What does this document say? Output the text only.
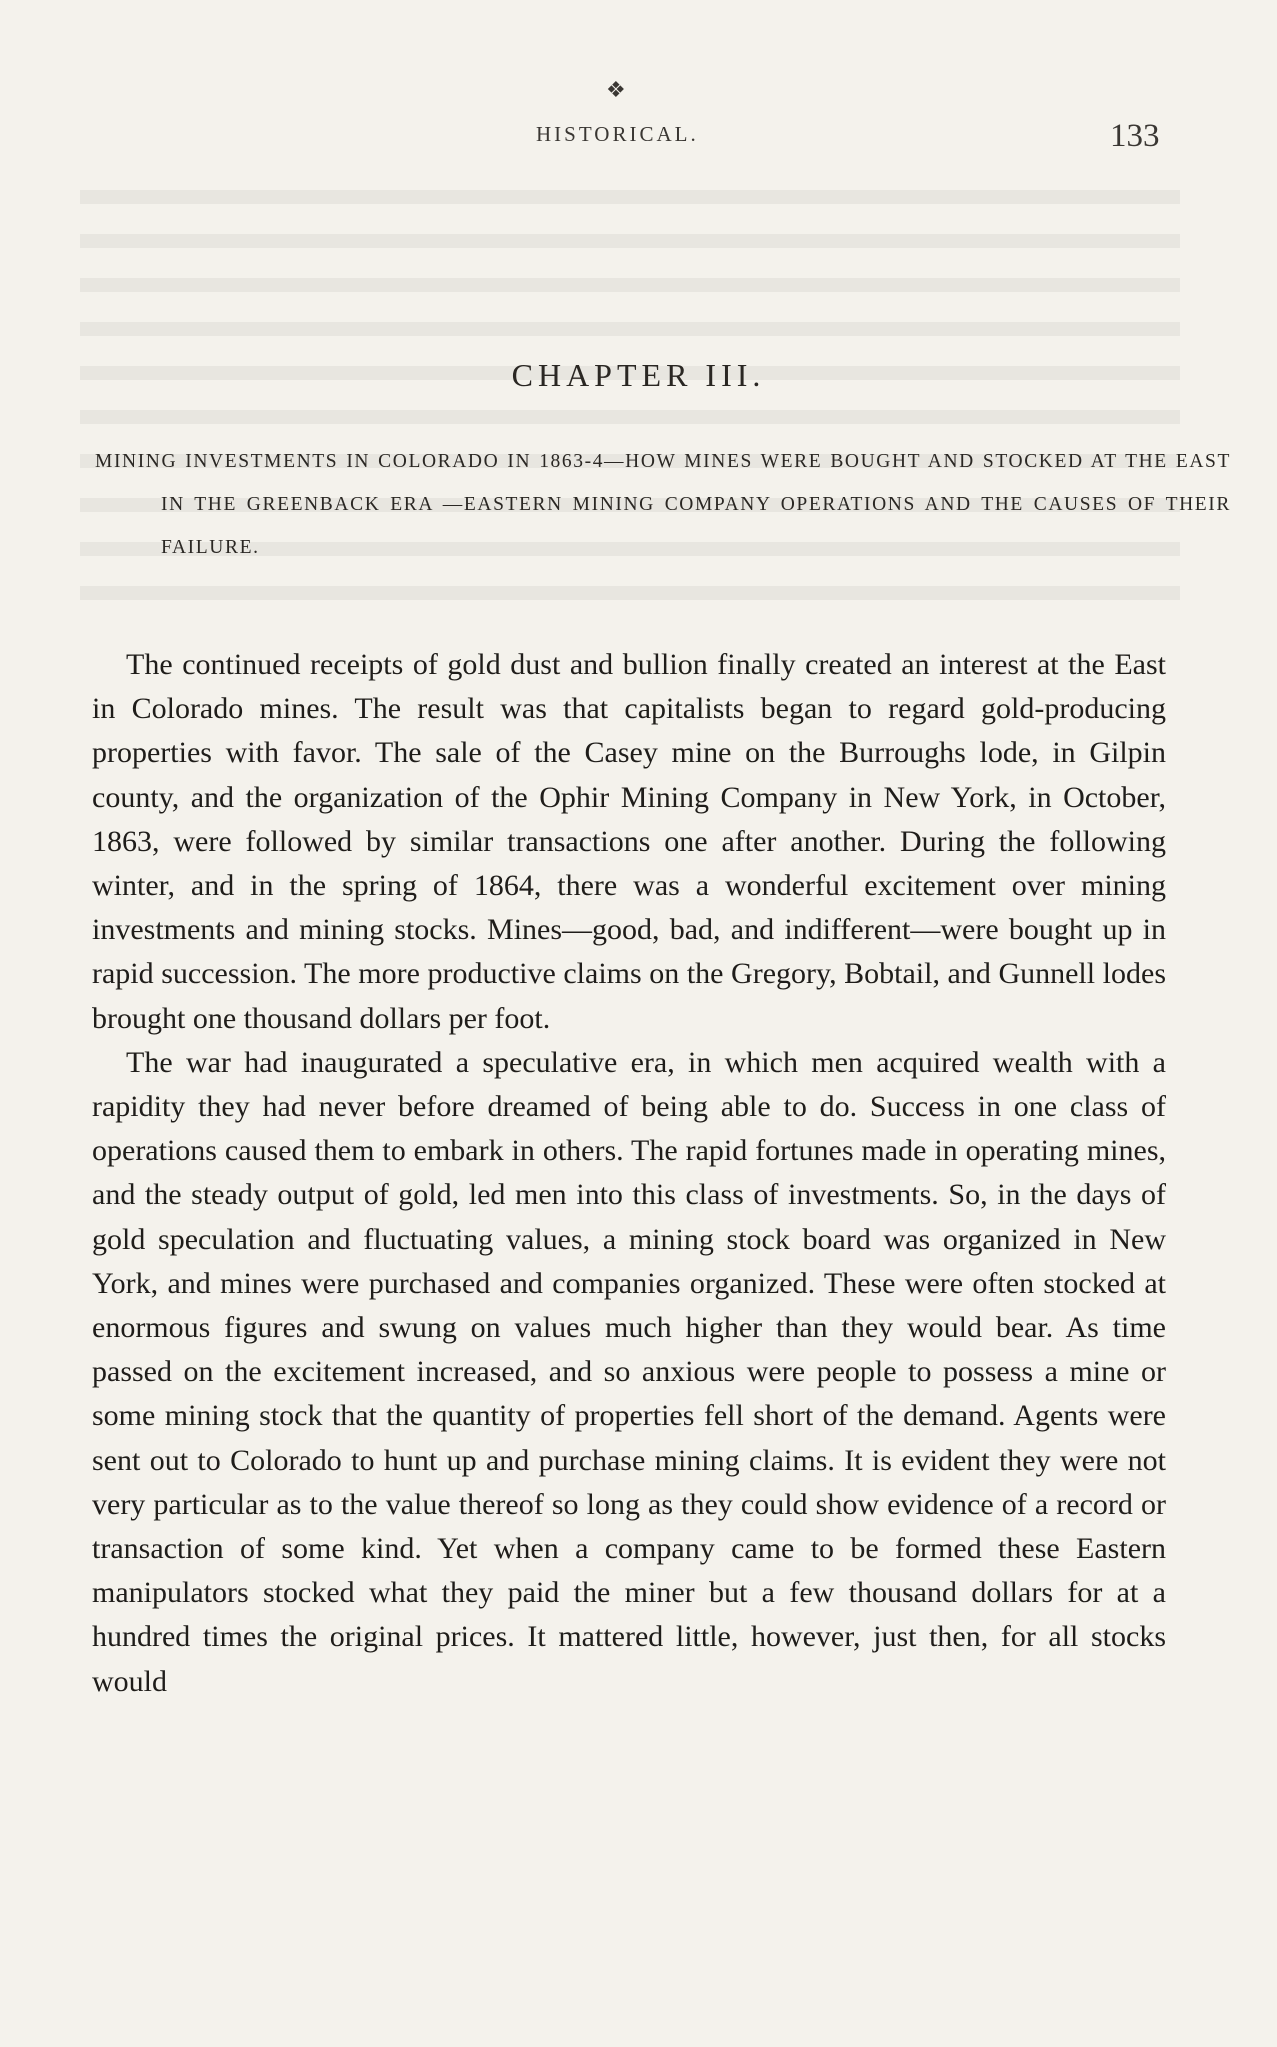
❖
HISTORICAL.	133
CHAPTER III.
MINING INVESTMENTS IN COLORADO IN 1863-4—HOW MINES WERE BOUGHT AND STOCKED AT THE EAST IN THE GREENBACK ERA —EASTERN MINING COMPANY OPERATIONS AND THE CAUSES OF THEIR FAILURE.

The continued receipts of gold dust and bullion finally created an interest at the East in Colorado mines. The result was that capitalists began to regard gold-producing properties with favor. The sale of the Casey mine on the Burroughs lode, in Gilpin county, and the organization of the Ophir Mining Company in New York, in October, 1863, were followed by similar transactions one after another. During the following winter, and in the spring of 1864, there was a wonderful excitement over mining investments and mining stocks. Mines—good, bad, and indifferent—were bought up in rapid succession. The more productive claims on the Gregory, Bobtail, and Gunnell lodes brought one thousand dollars per foot.

The war had inaugurated a speculative era, in which men acquired wealth with a rapidity they had never before dreamed of being able to do. Success in one class of operations caused them to embark in others. The rapid fortunes made in operating mines, and the steady output of gold, led men into this class of investments. So, in the days of gold speculation and fluctuating values, a mining stock board was organized in New York, and mines were purchased and companies organized. These were often stocked at enormous figures and swung on values much higher than they would bear. As time passed on the excitement increased, and so anxious were people to possess a mine or some mining stock that the quantity of properties fell short of the demand. Agents were sent out to Colorado to hunt up and purchase mining claims. It is evident they were not very particular as to the value thereof so long as they could show evidence of a record or transaction of some kind. Yet when a company came to be formed these Eastern manipulators stocked what they paid the miner but a few thousand dollars for at a hundred times the original prices. It mattered little, however, just then, for all stocks would
